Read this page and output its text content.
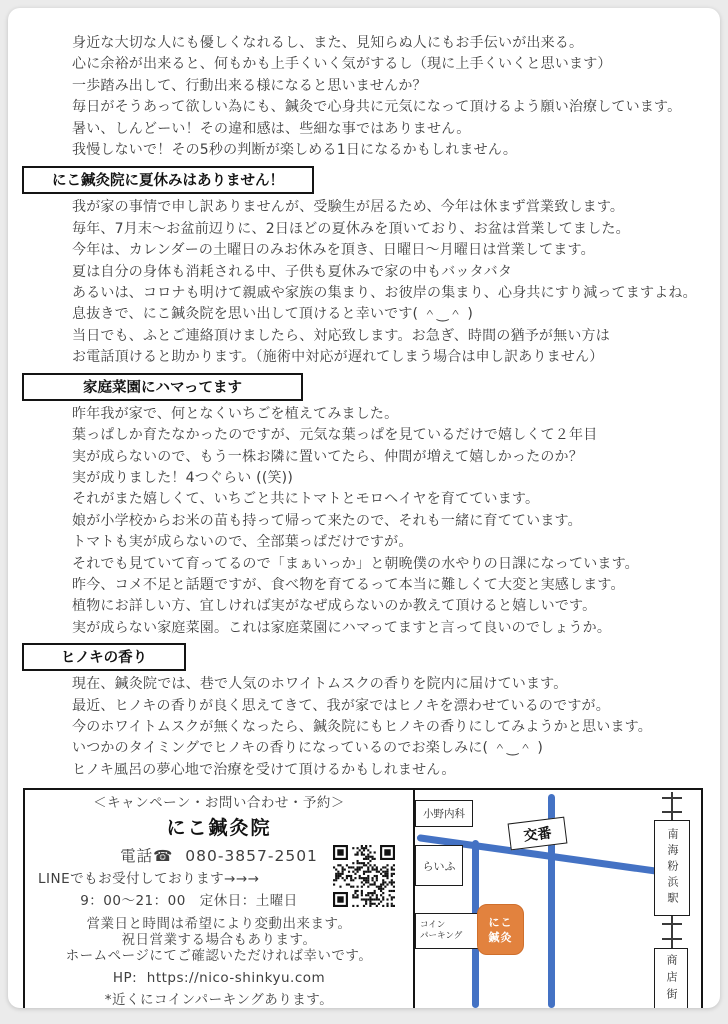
身近な大切な人にも優しくなれるし、また、見知らぬ人にもお手伝いが出来る。

心に余裕が出来ると、何もかも上手くいく気がするし（現に上手くいくと思います）

一歩踏み出して、行動出来る様になると思いませんか？

毎日がそうあって欲しい為にも、鍼灸で心身共に元気になって頂けるよう願い治療しています。

暑い、しんどーい！その違和感は、些細な事ではありません。

我慢しないで！その5秒の判断が楽しめる1日になるかもしれません。

にこ鍼灸院に夏休みはありません！

我が家の事情で申し訳ありませんが、受験生が居るため、今年は休まず営業致します。

毎年、7月末〜お盆前辺りに、2日ほどの夏休みを頂いており、お盆は営業してました。

今年は、カレンダーの土曜日のみお休みを頂き、日曜日〜月曜日は営業してます。

夏は自分の身体も消耗される中、子供も夏休みで家の中もバッタバタ

あるいは、コロナも明けて親戚や家族の集まり、お彼岸の集まり、心身共にすり減ってますよね。

息抜きで、にこ鍼灸院を思い出して頂けると幸いです( ＾‿＾ )

当日でも、ふとご連絡頂けましたら、対応致します。お急ぎ、時間の猶予が無い方は

お電話頂けると助かります。（施術中対応が遅れてしまう場合は申し訳ありません）

家庭菜園にハマってます

昨年我が家で、何となくいちごを植えてみました。

葉っぱしか育たなかったのですが、元気な葉っぱを見ているだけで嬉しくて２年目

実が成らないので、もう一株お隣に置いてたら、仲間が増えて嬉しかったのか？

実が成りました！4つぐらい ((笑))

それがまた嬉しくて、いちごと共にトマトとモロヘイヤを育てています。

娘が小学校からお米の苗も持って帰って来たので、それも一緒に育てています。

トマトも実が成らないので、全部葉っぱだけですが。

それでも見ていて育ってるので「まぁいっか」と朝晩僕の水やりの日課になっています。

昨今、コメ不足と話題ですが、食べ物を育てるって本当に難しくて大変と実感します。

植物にお詳しい方、宜しければ実がなぜ成らないのか教えて頂けると嬉しいです。

実が成らない家庭菜園。これは家庭菜園にハマってますと言って良いのでしょうか。

ヒノキの香り

現在、鍼灸院では、巷で人気のホワイトムスクの香りを院内に届けています。

最近、ヒノキの香りが良く思えてきて、我が家ではヒノキを漂わせているのですが。

今のホワイトムスクが無くなったら、鍼灸院にもヒノキの香りにしてみようかと思います。

いつかのタイミングでヒノキの香りになっているのでお楽しみに( ＾‿＾ )

ヒノキ風呂の夢心地で治療を受けて頂けるかもしれません。

＜キャンペーン・お問い合わせ・予約＞
にこ鍼灸院
電話☎ 080-3857-2501
LINEでもお受付しております→→→
9：00〜21：00　定休日：土曜日
営業日と時間は希望により変動出来ます。
祝日営業する場合もあります。
ホームページにてご確認いただければ幸いです。
HP: https://nico-shinkyu.com
*近くにコインパーキングあります。
小野内科
交番
らいふ
コイン
パーキング
にこ
鍼灸
南海粉浜駅
商店街
